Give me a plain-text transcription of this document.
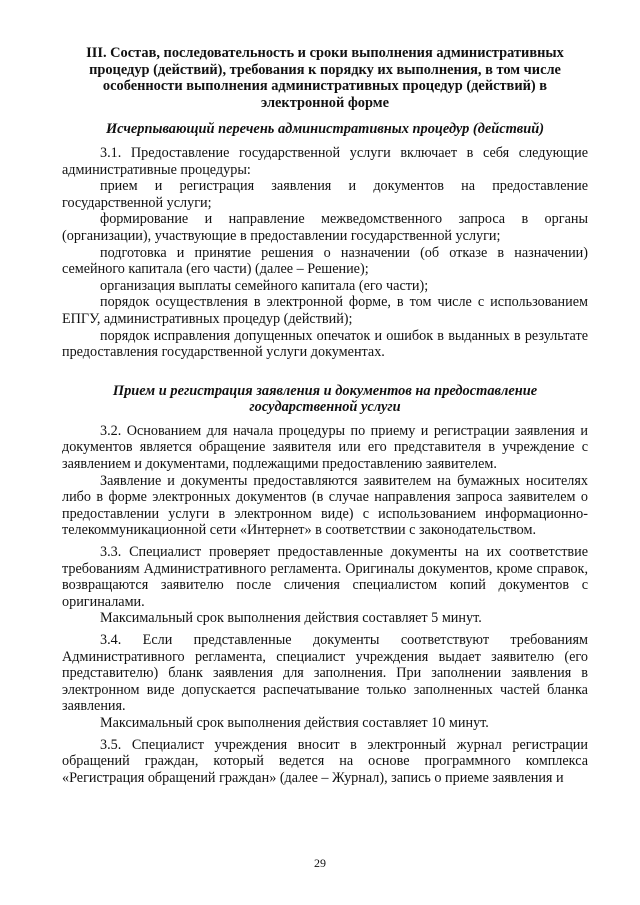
III. Состав, последовательность и сроки выполнения административных процедур (действий), требования к порядку их выполнения, в том числе особенности выполнения административных процедур (действий) в электронной форме
Исчерпывающий перечень административных процедур (действий)

3.1. Предоставление государственной услуги включает в себя следующие административные процедуры:

прием и регистрация заявления и документов на предоставление государственной услуги;

формирование и направление межведомственного запроса в органы (организации), участвующие в предоставлении государственной услуги;

подготовка и принятие решения о назначении (об отказе в назначении) семейного капитала (его части) (далее – Решение);

организация выплаты семейного капитала (его части);

порядок осуществления в электронной форме, в том числе с использованием ЕПГУ, административных процедур (действий);

порядок исправления допущенных опечаток и ошибок в выданных в результате предоставления государственной услуги документах.

Прием и регистрация заявления и документов на предоставление государственной услуги

3.2. Основанием для начала процедуры по приему и регистрации заявления и документов является обращение заявителя или его представителя в учреждение с заявлением и документами, подлежащими предоставлению заявителем.

Заявление и документы предоставляются заявителем на бумажных носителях либо в форме электронных документов (в случае направления запроса заявителем о предоставлении услуги в электронном виде) с использованием информационно-телекоммуникационной сети «Интернет» в соответствии с законодательством.

3.3. Специалист проверяет предоставленные документы на их соответствие требованиям Административного регламента. Оригиналы документов, кроме справок, возвращаются заявителю после сличения специалистом копий документов с оригиналами.

Максимальный срок выполнения действия составляет 5 минут.

3.4. Если представленные документы соответствуют требованиям Административного регламента, специалист учреждения выдает заявителю (его представителю) бланк заявления для заполнения. При заполнении заявления в электронном виде допускается распечатывание только заполненных частей бланка заявления.

Максимальный срок выполнения действия составляет 10 минут.

3.5. Специалист учреждения вносит в электронный журнал регистрации обращений граждан, который ведется на основе программного комплекса «Регистрация обращений граждан» (далее – Журнал), запись о приеме заявления и

29
